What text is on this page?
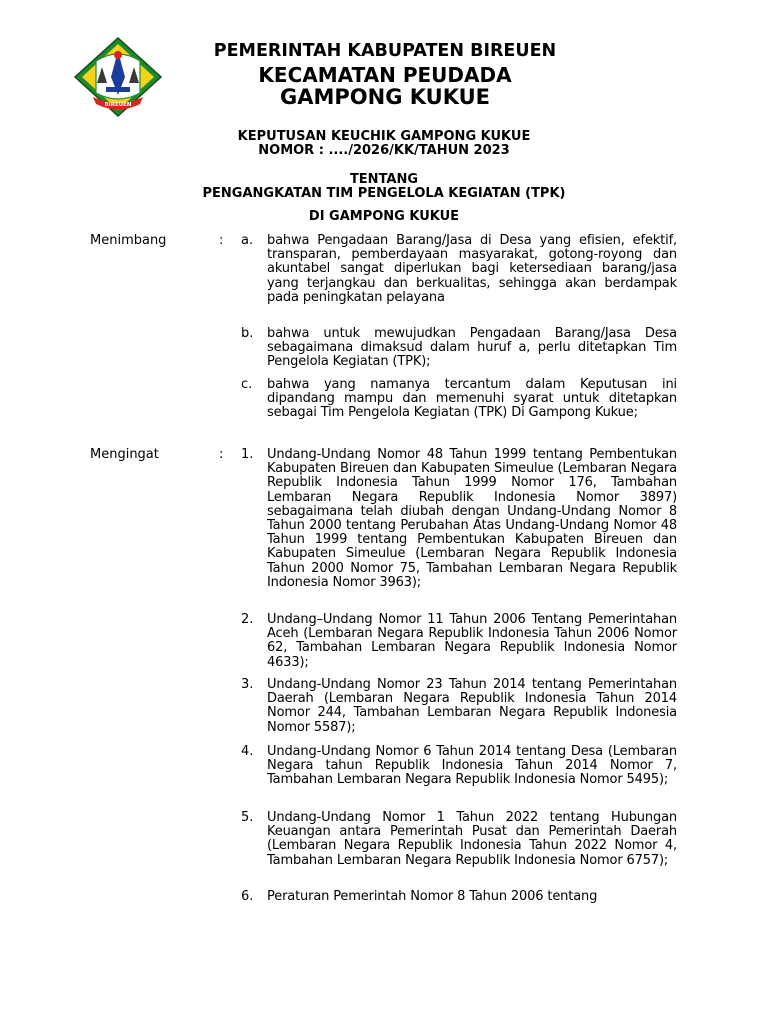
BIREUEN
PEMERINTAH KABUPATEN BIREUEN
KECAMATAN PEUDADA
GAMPONG KUKUE
KEPUTUSAN KEUCHIK GAMPONG KUKUE
NOMOR : ..../2026/KK/TAHUN 2023
TENTANG
PENGANGKATAN TIM PENGELOLA KEGIATAN (TPK)
DI GAMPONG KUKUE
Menimbang	: a. bahwa Pengadaan Barang/Jasa di Desa yang efisien, efektif, transparan, pemberdayaan masyarakat, gotong-royong dan akuntabel sangat diperlukan bagi ketersediaan barang/jasa yang terjangkau dan berkualitas, sehingga akan berdampak pada peningkatan pelayana
b. bahwa untuk mewujudkan Pengadaan Barang/Jasa Desa sebagaimana dimaksud dalam huruf a, perlu ditetapkan Tim Pengelola Kegiatan (TPK);
c. bahwa yang namanya tercantum dalam Keputusan ini dipandang mampu dan memenuhi syarat untuk ditetapkan sebagai Tim Pengelola Kegiatan (TPK) Di Gampong Kukue;
Mengingat	: 1. Undang-Undang Nomor 48 Tahun 1999 tentang Pembentukan Kabupaten Bireuen dan Kabupaten Simeulue (Lembaran Negara Republik Indonesia Tahun 1999 Nomor 176, Tambahan Lembaran Negara Republik Indonesia Nomor 3897) sebagaimana telah diubah dengan Undang-Undang Nomor 8 Tahun 2000 tentang Perubahan Atas Undang-Undang Nomor 48 Tahun 1999 tentang Pembentukan Kabupaten Bireuen dan Kabupaten Simeulue (Lembaran Negara Republik Indonesia Tahun 2000 Nomor 75, Tambahan Lembaran Negara Republik Indonesia Nomor 3963);
2. Undang–Undang Nomor 11 Tahun 2006 Tentang Pemerintahan Aceh (Lembaran Negara Republik Indonesia Tahun 2006 Nomor 62, Tambahan Lembaran Negara Republik Indonesia Nomor 4633);
3. Undang-Undang Nomor 23 Tahun 2014 tentang Pemerintahan Daerah (Lembaran Negara Republik Indonesia Tahun 2014 Nomor 244, Tambahan Lembaran Negara Republik Indonesia Nomor 5587);
4. Undang-Undang Nomor 6 Tahun 2014 tentang Desa (Lembaran Negara tahun Republik Indonesia Tahun 2014 Nomor 7, Tambahan Lembaran Negara Republik Indonesia Nomor 5495);
5. Undang-Undang Nomor 1 Tahun 2022 tentang Hubungan Keuangan antara Pemerintah Pusat dan Pemerintah Daerah (Lembaran Negara Republik Indonesia Tahun 2022 Nomor 4, Tambahan Lembaran Negara Republik Indonesia Nomor 6757);
6. Peraturan Pemerintah Nomor 8 Tahun 2006 tentang
